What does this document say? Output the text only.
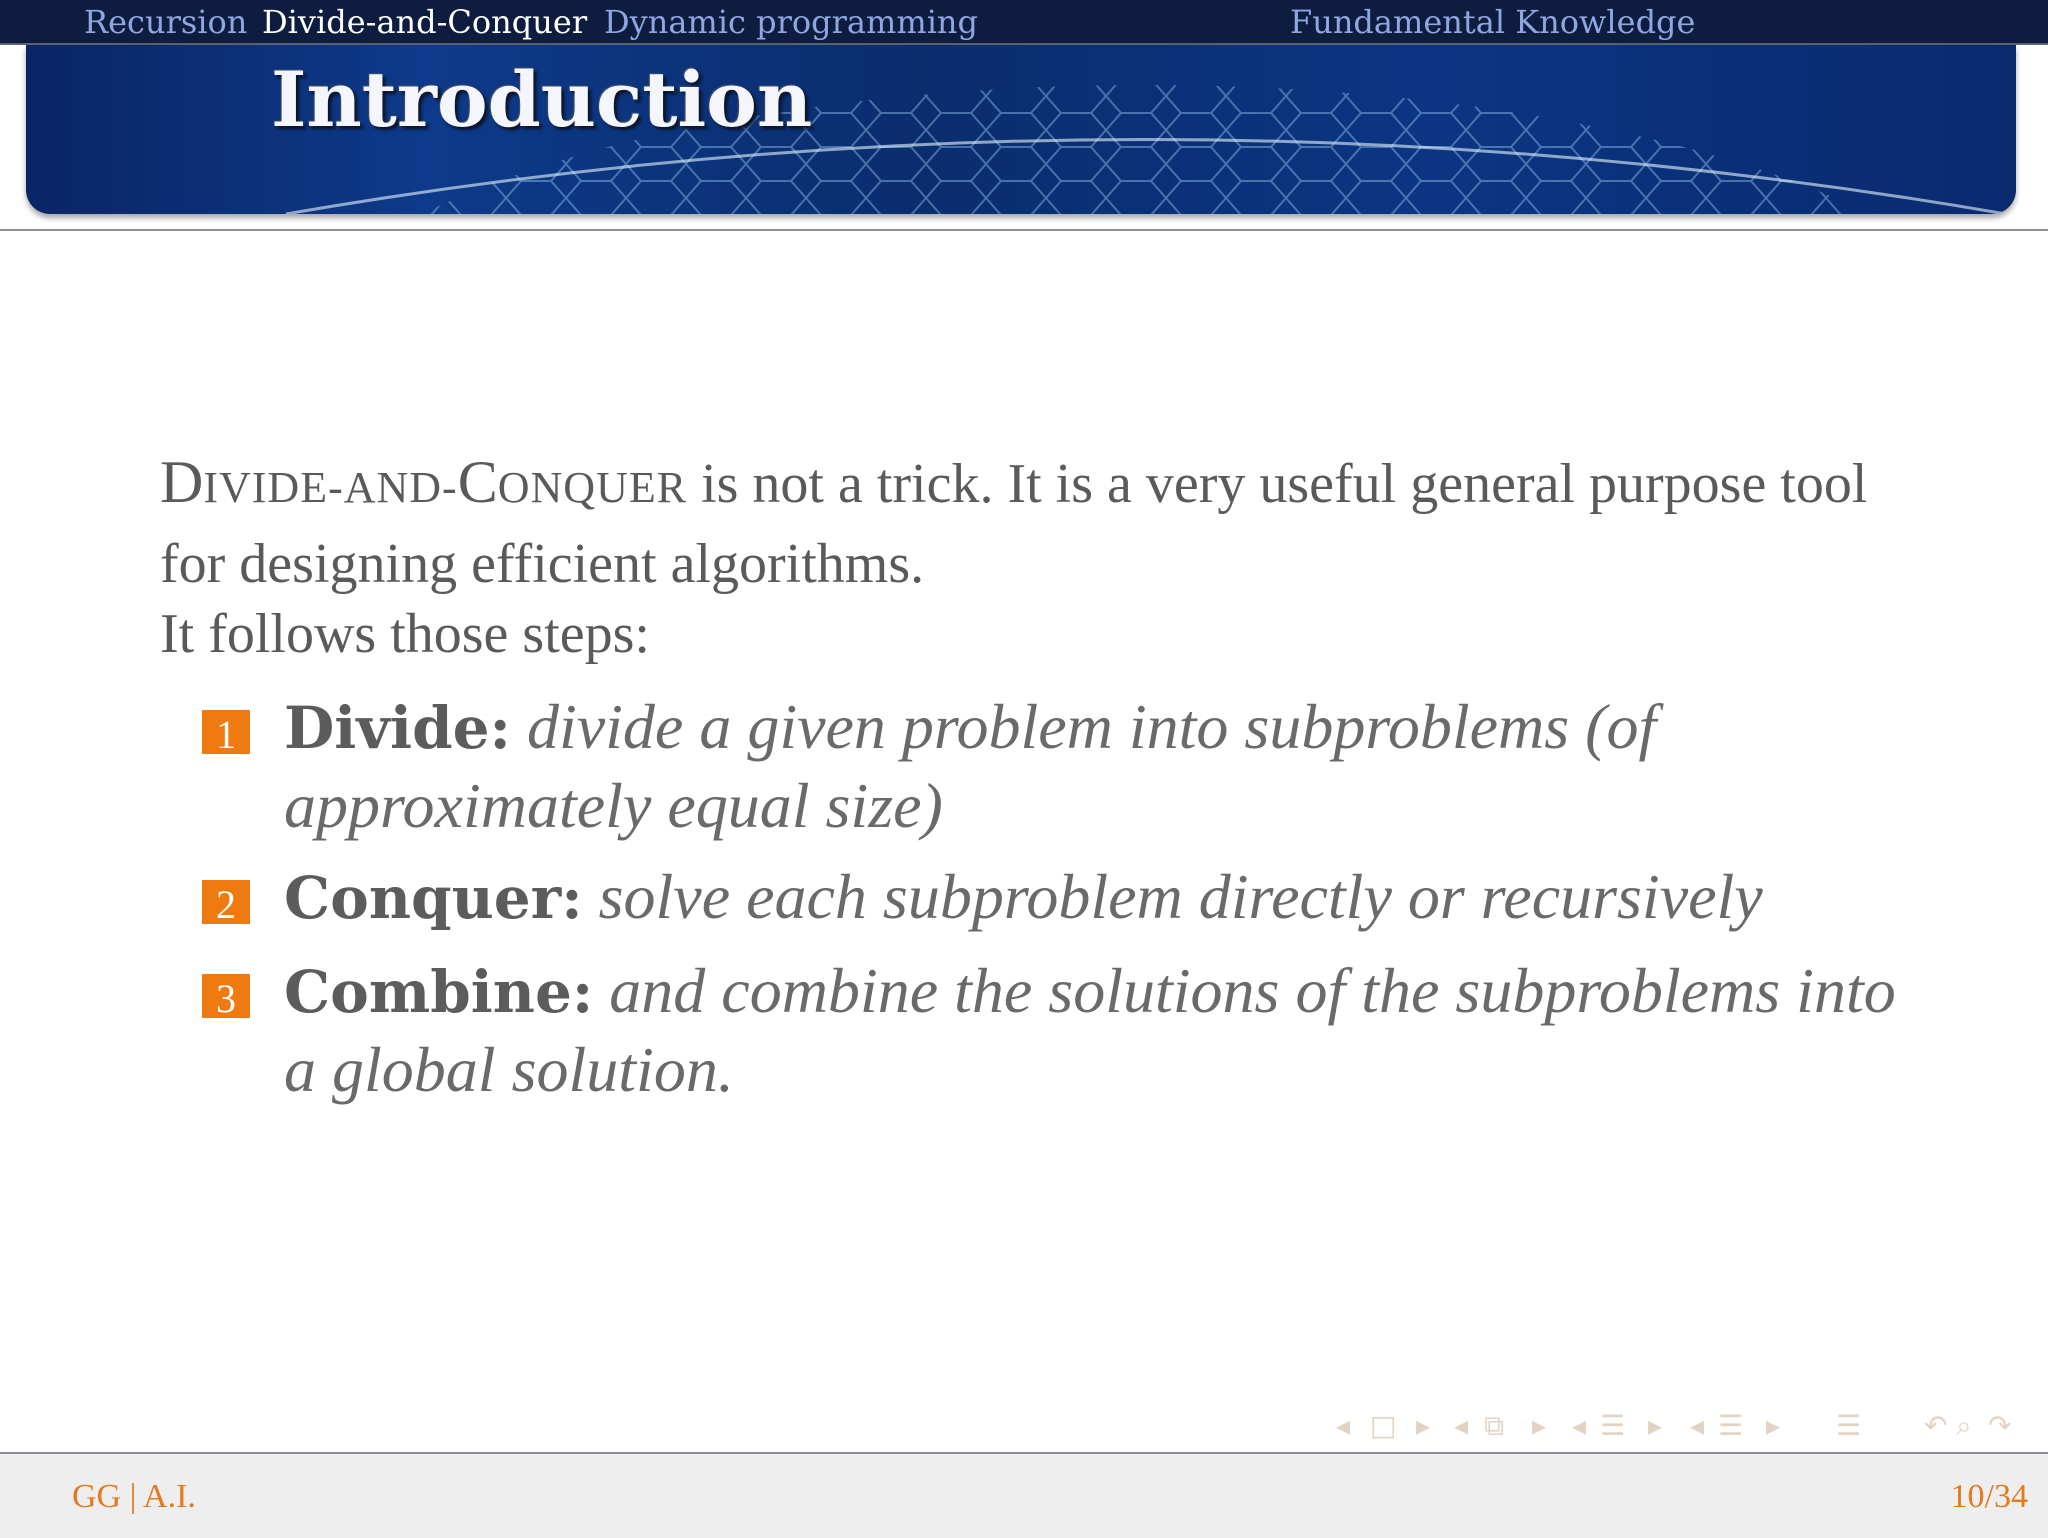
Recursion Divide-and-Conquer Dynamic programming	Fundamental Knowledge
Introduction
DIVIDE-AND-CONQUER is not a trick. It is a very useful general purpose tool for designing efficient algorithms.
It follows those steps:
1 Divide: divide a given problem into subproblems (of approximately equal size)
2 Conquer: solve each subproblem directly or recursively
3 Combine: and combine the solutions of the subproblems into a global solution.
◂ □ ▸ ◂ ⧉ ▸ ◂ ☰ ▸ ◂ ☰ ▸ ☰ ↶ ⌕ ↷
GG | A.I.	10/34
